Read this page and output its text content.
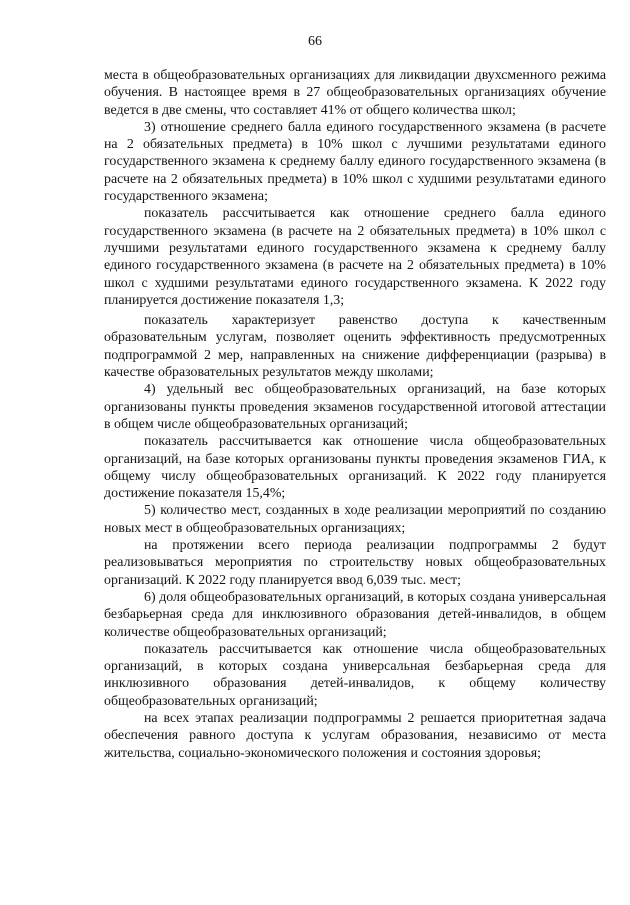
66

места в общеобразовательных организациях для ликвидации двухсменного режима обучения. В настоящее время в 27 общеобразовательных организациях обучение ведется в две смены, что составляет 41% от общего количества школ;

3) отношение среднего балла единого государственного экзамена (в расчете на 2 обязательных предмета) в 10% школ с лучшими результатами единого государственного экзамена к среднему баллу единого государственного экзамена (в расчете на 2 обязательных предмета) в 10% школ с худшими результатами единого государственного экзамена;

показатель рассчитывается как отношение среднего балла единого государственного экзамена (в расчете на 2 обязательных предмета) в 10% школ с лучшими результатами единого государственного экзамена к среднему баллу единого государственного экзамена (в расчете на 2 обязательных предмета) в 10% школ с худшими результатами единого государственного экзамена. К 2022 году планируется достижение показателя 1,3;

показатель характеризует равенство доступа к качественным образовательным услугам, позволяет оценить эффективность предусмотренных подпрограммой 2 мер, направленных на снижение дифференциации (разрыва) в качестве образовательных результатов между школами;

4) удельный вес общеобразовательных организаций, на базе которых организованы пункты проведения экзаменов государственной итоговой аттестации в общем числе общеобразовательных организаций;

показатель рассчитывается как отношение числа общеобразовательных организаций, на базе которых организованы пункты проведения экзаменов ГИА, к общему числу общеобразовательных организаций. К 2022 году планируется достижение показателя 15,4%;

5) количество мест, созданных в ходе реализации мероприятий по созданию новых мест в общеобразовательных организациях;

на протяжении всего периода реализации подпрограммы 2 будут реализовываться мероприятия по строительству новых общеобразовательных организаций. К 2022 году планируется ввод 6,039 тыс. мест;

6) доля общеобразовательных организаций, в которых создана универсальная безбарьерная среда для инклюзивного образования детей-инвалидов, в общем количестве общеобразовательных организаций;

показатель рассчитывается как отношение числа общеобразовательных организаций, в которых создана универсальная безбарьерная среда для инклюзивного образования детей-инвалидов, к общему количеству общеобразовательных организаций;

на всех этапах реализации подпрограммы 2 решается приоритетная задача обеспечения равного доступа к услугам образования, независимо от места жительства, социально-экономического положения и состояния здоровья;
